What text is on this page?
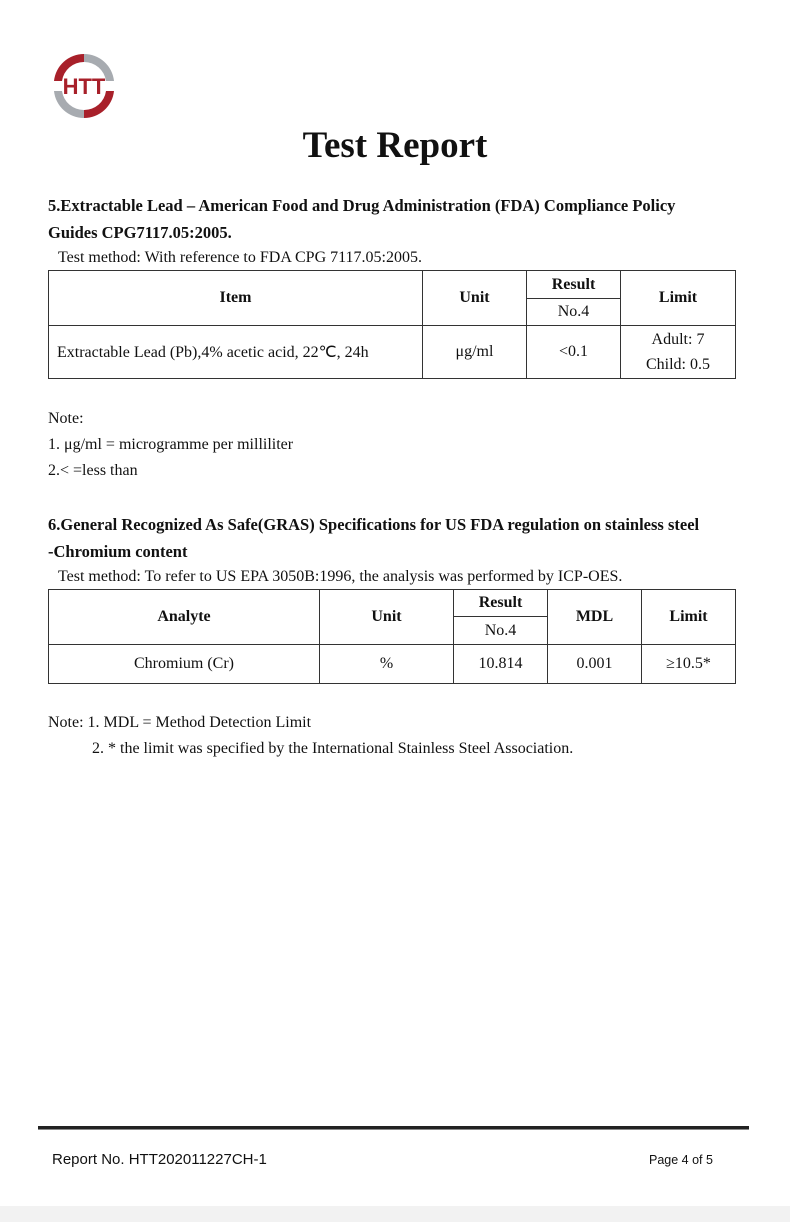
HTT
Test Report
5.Extractable Lead – American Food and Drug Administration (FDA) Compliance Policy
Guides CPG7117.05:2005.
Test method: With reference to FDA CPG 7117.05:2005.
Item	Unit	Result	Limit
		No.4	
Extractable Lead (Pb),4% acetic acid, 22℃, 24h	μg/ml	<0.1	Adult: 7
Child: 0.5
Note:
1. μg/ml = microgramme per milliliter
2.< =less than
6.General Recognized As Safe(GRAS) Specifications for US FDA regulation on stainless steel
-Chromium content
Test method: To refer to US EPA 3050B:1996, the analysis was performed by ICP-OES.
Analyte	Unit	Result	MDL	Limit
		No.4		
Chromium (Cr)	%	10.814	0.001	≥10.5*
Note: 1. MDL = Method Detection Limit
2. * the limit was specified by the International Stainless Steel Association.
Report No. HTT202011227CH-1	Page 4 of 5
